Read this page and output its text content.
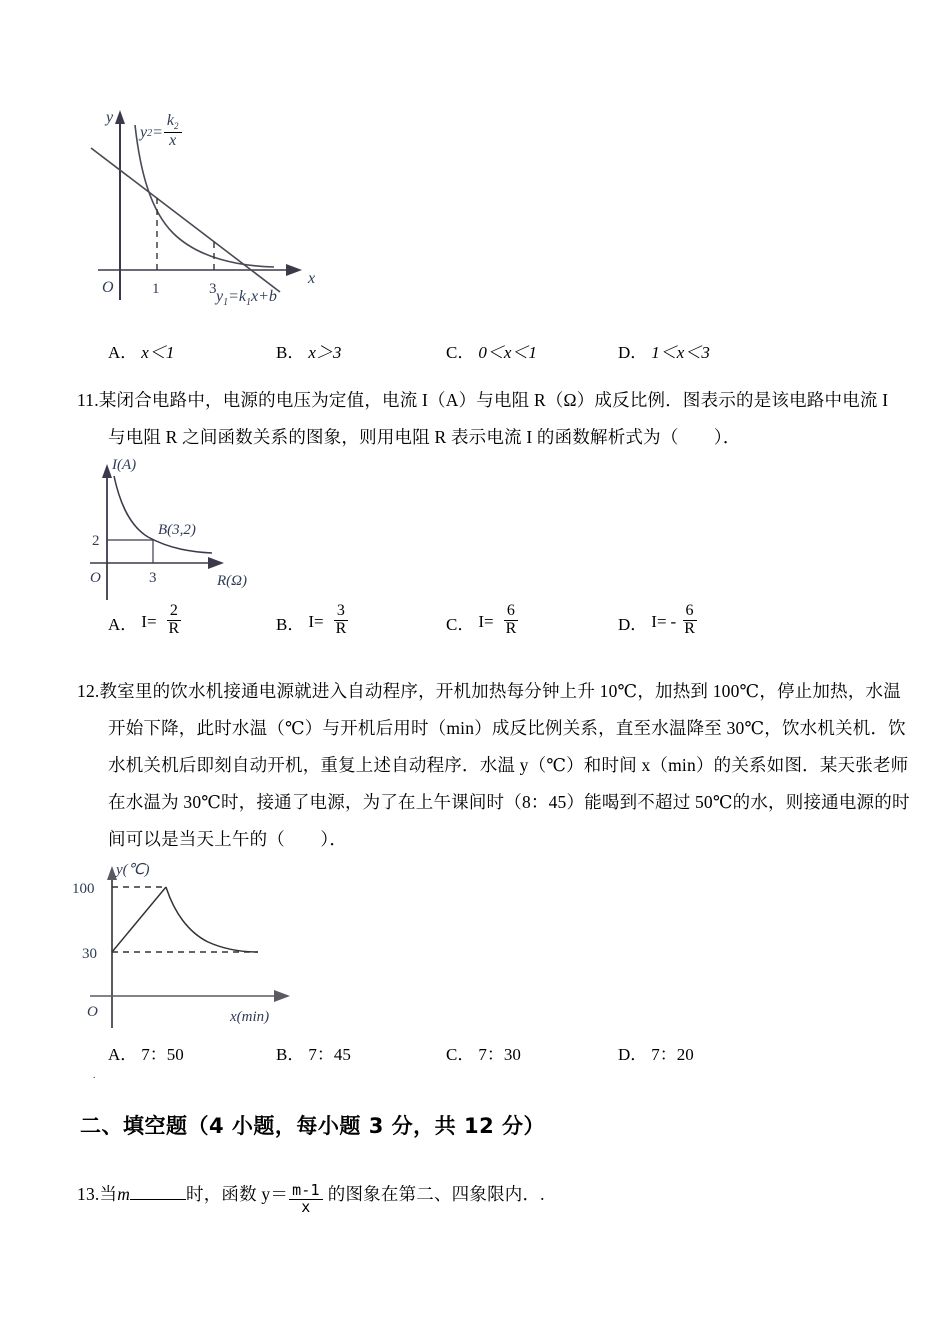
y
x
O	1	3
y $2 = \frac{k_2}{x}$
$y_1=k_1x+b$
A． x＜1	B． x＞3	C． 0＜x＜1	D． 1＜x＜3
11.某闭合电路中，电源的电压为定值，电流 I（A）与电阻 R（Ω）成反比例．图表示的是该电路中电流 I
与电阻 R 之间函数关系的图象，则用电阻 R 表示电流 I 的函数解析式为（　　）．
I(A)
R(Ω)
O
2
3
B(3,2)
A． $I= \frac{2}{R}$	B． $I= \frac{3}{R}$	C． $I= \frac{6}{R}$	D． $I= - \frac{6}{R}$
12.教室里的饮水机接通电源就进入自动程序，开机加热每分钟上升 10℃，加热到 100℃，停止加热，水温
开始下降，此时水温（℃）与开机后用时（min）成反比例关系，直至水温降至 30℃，饮水机关机．饮
水机关机后即刻自动开机，重复上述自动程序．水温 y（℃）和时间 x（min）的关系如图．某天张老师
在水温为 30℃时，接通了电源，为了在上午课间时（8：45）能喝到不超过 50℃的水，则接通电源的时
间可以是当天上午的（　　）．
y(℃)
x(min)
O
100
30
A． 7：50	B． 7：45	C． 7：30	D． 7：20
.
二、填空题（4 小题，每小题 3 分，共 12 分）
13. 当 m	时，函数 $y= \frac{m-1}{x}$ 的图象在第二、四象限内． .
